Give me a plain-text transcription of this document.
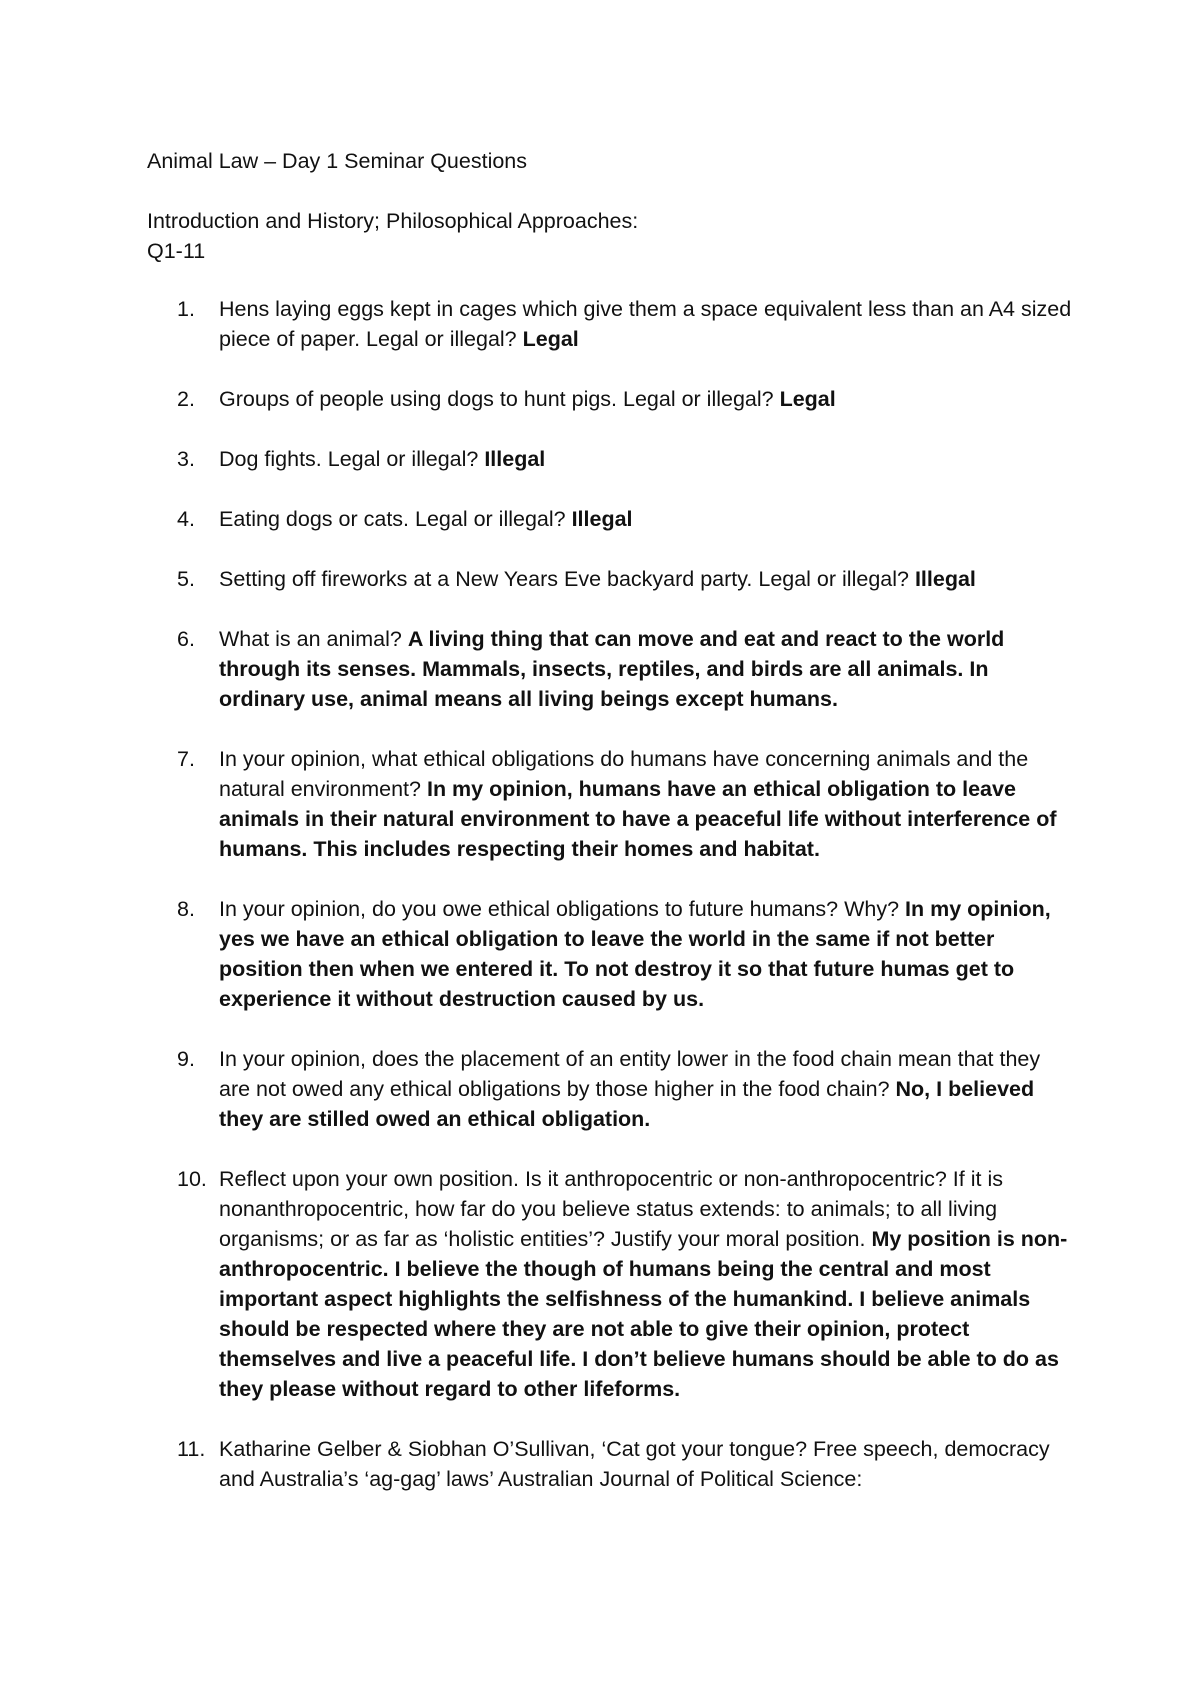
Animal Law – Day 1 Seminar Questions

Introduction and History; Philosophical Approaches:

Q1-11

1. Hens laying eggs kept in cages which give them a space equivalent less than an A4 sized piece of paper. Legal or illegal? Legal
2. Groups of people using dogs to hunt pigs. Legal or illegal? Legal
3. Dog fights. Legal or illegal? Illegal
4. Eating dogs or cats. Legal or illegal? Illegal
5. Setting off fireworks at a New Years Eve backyard party. Legal or illegal? Illegal
6. What is an animal? A living thing that can move and eat and react to the world through its senses. Mammals, insects, reptiles, and birds are all animals. In ordinary use, animal means all living beings except humans.
7. In your opinion, what ethical obligations do humans have concerning animals and the natural environment? In my opinion, humans have an ethical obligation to leave animals in their natural environment to have a peaceful life without interference of humans. This includes respecting their homes and habitat.
8. In your opinion, do you owe ethical obligations to future humans? Why? In my opinion, yes we have an ethical obligation to leave the world in the same if not better position then when we entered it. To not destroy it so that future humas get to experience it without destruction caused by us.
9. In your opinion, does the placement of an entity lower in the food chain mean that they are not owed any ethical obligations by those higher in the food chain? No, I believed they are stilled owed an ethical obligation.
10. Reflect upon your own position. Is it anthropocentric or non-anthropocentric? If it is nonanthropocentric, how far do you believe status extends: to animals; to all living organisms; or as far as ‘holistic entities’? Justify your moral position. My position is non-anthropocentric. I believe the though of humans being the central and most important aspect highlights the selfishness of the humankind. I believe animals should be respected where they are not able to give their opinion, protect themselves and live a peaceful life. I don’t believe humans should be able to do as they please without regard to other lifeforms.
11. Katharine Gelber & Siobhan O’Sullivan, ‘Cat got your tongue? Free speech, democracy and Australia’s ‘ag-gag’ laws’ Australian Journal of Political Science:
